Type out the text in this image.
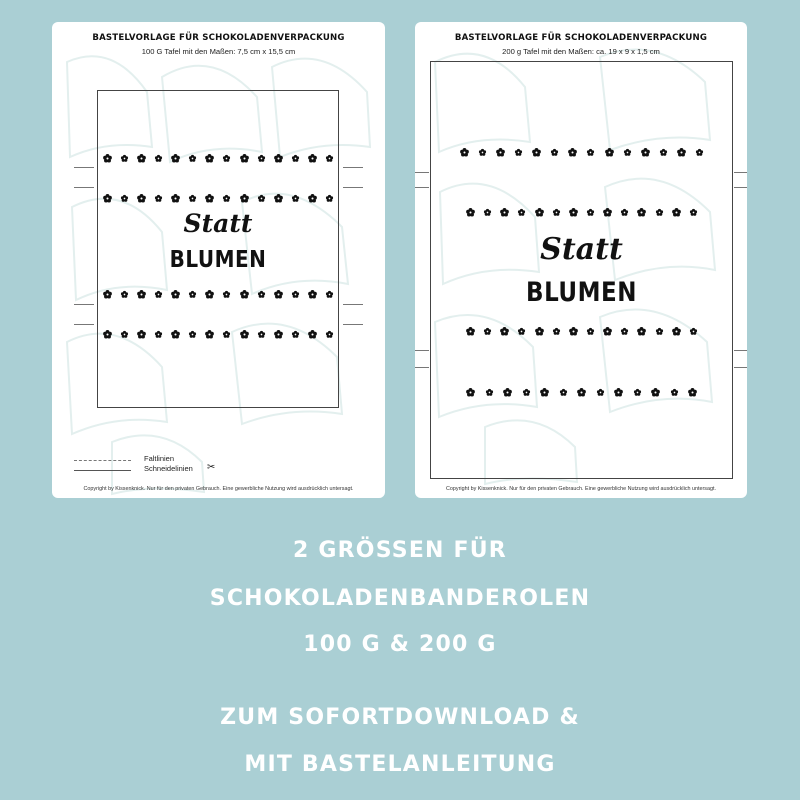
BASTELVORLAGE FÜR SCHOKOLADENVERPACKUNG
100 G Tafel mit den Maßen: 7,5 cm x 15,5 cm
Statt
BLUMEN
Faltlinien
Schneidelinien ✂
Copyright by Kissenknick. Nur für den privaten Gebrauch. Eine gewerbliche Nutzung wird ausdrücklich untersagt.
BASTELVORLAGE FÜR SCHOKOLADENVERPACKUNG
200 g Tafel mit den Maßen: ca. 19 x 9 x 1,5 cm
Statt
BLUMEN
Copyright by Kissenknick. Nur für den privaten Gebrauch. Eine gewerbliche Nutzung wird ausdrücklich untersagt.
2 GRÖSSEN FÜR
SCHOKOLADENBANDEROLEN
100 G & 200 G
ZUM SOFORTDOWNLOAD &
MIT BASTELANLEITUNG
